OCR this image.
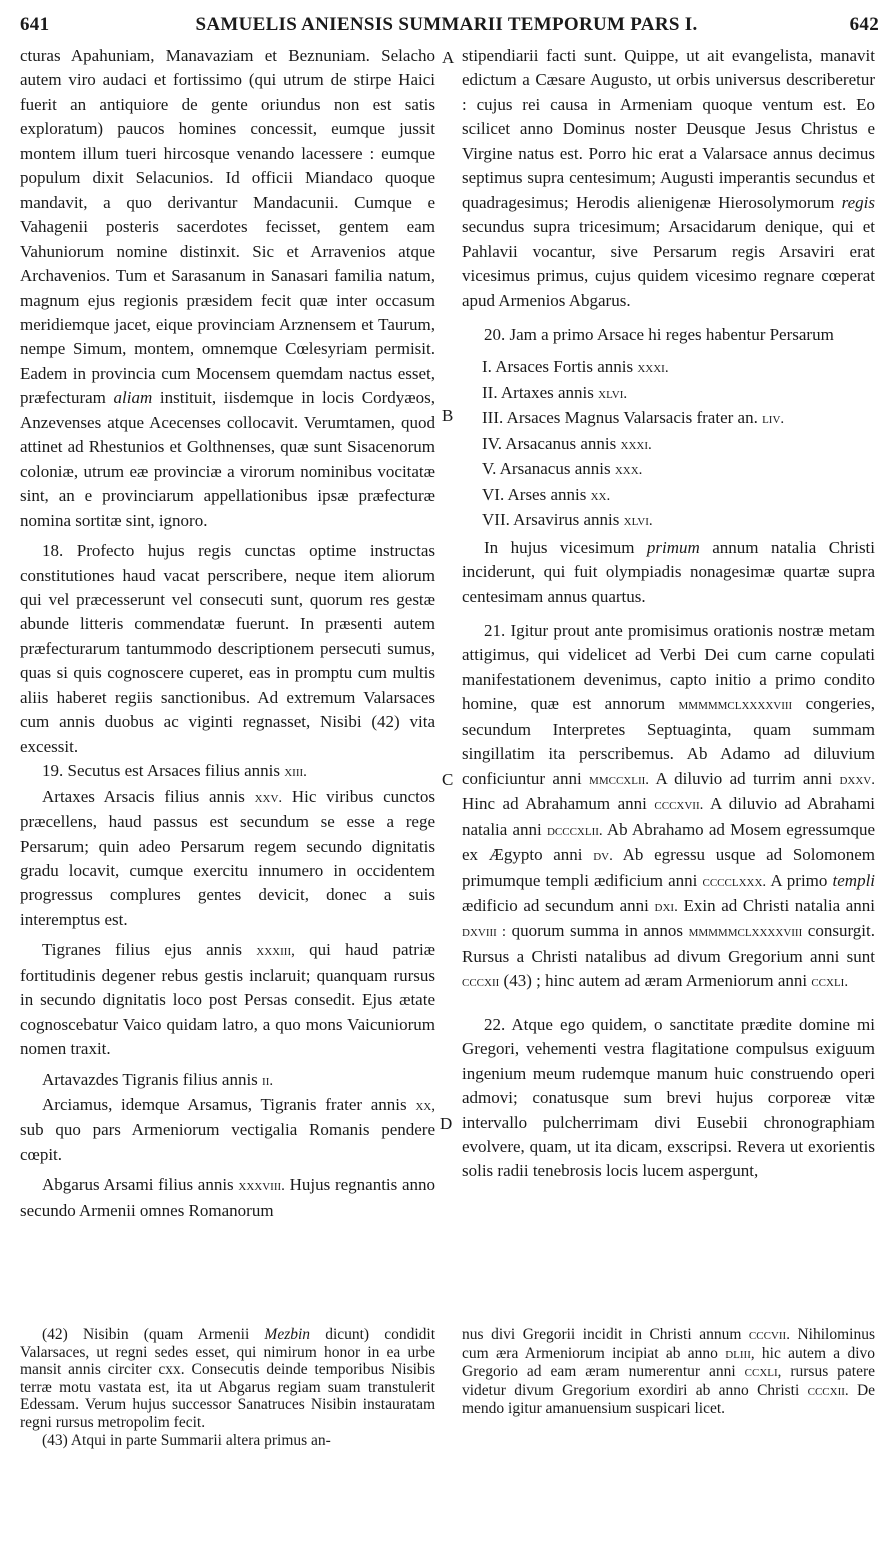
641	SAMUELIS ANIENSIS SUMMARII TEMPORUM PARS I.	642
A
B
C
D

cturas Apahuniam, Manavaziam et Beznuniam. Selacho autem viro audaci et fortissimo (qui utrum de stirpe Haici fuerit an antiquiore de gente oriundus non est satis exploratum) paucos homines concessit, eumque jussit montem illum tueri hircosque venando lacessere : eumque populum dixit Selacunios. Id officii Miandaco quoque mandavit, a quo derivantur Mandacunii. Cumque e Vahagenii posteris sacerdotes fecisset, gentem eam Vahuniorum nomine distinxit. Sic et Arravenios atque Archavenios. Tum et Sarasanum in Sanasari familia natum, magnum ejus regionis præsidem fecit quæ inter occasum meridiemque jacet, eique provinciam Arznensem et Taurum, nempe Simum, montem, omnemque Cœlesyriam permisit. Eadem in provincia cum Mocensem quemdam nactus esset, præfecturam aliam instituit, iisdemque in locis Cordyæos, Anzevenses atque Acecenses collocavit. Verumtamen, quod attinet ad Rhestunios et Golthnenses, quæ sunt Sisacenorum coloniæ, utrum eæ provinciæ a virorum nominibus vocitatæ sint, an e provinciarum appellationibus ipsæ præfecturæ nomina sortitæ sint, ignoro.

18. Profecto hujus regis cunctas optime instructas constitutiones haud vacat perscribere, neque item aliorum qui vel præcesserunt vel consecuti sunt, quorum res gestæ abunde litteris commendatæ fuerunt. In præsenti autem præfecturarum tantummodo descriptionem persecuti sumus, quas si quis cognoscere cuperet, eas in promptu cum multis aliis haberet regiis sanctionibus. Ad extremum Valarsaces cum annis duobus ac viginti regnasset, Nisibi (42) vita excessit.

19. Secutus est Arsaces filius annis xiii.

Artaxes Arsacis filius annis xxv. Hic viribus cunctos præcellens, haud passus est secundum se esse a rege Persarum; quin adeo Persarum regem secundo dignitatis gradu locavit, cumque exercitu innumero in occidentem progressus complures gentes devicit, donec a suis interemptus est.

Tigranes filius ejus annis xxxiii, qui haud patriæ fortitudinis degener rebus gestis inclaruit; quanquam rursus in secundo dignitatis loco post Persas consedit. Ejus ætate cognoscebatur Vaico quidam latro, a quo mons Vaicuniorum nomen traxit.

Artavazdes Tigranis filius annis ii.

Arciamus, idemque Arsamus, Tigranis frater annis xx, sub quo pars Armeniorum vectigalia Romanis pendere cœpit.

Abgarus Arsami filius annis xxxviii. Hujus regnantis anno secundo Armenii omnes Romanorum

stipendiarii facti sunt. Quippe, ut ait evangelista, manavit edictum a Cæsare Augusto, ut orbis universus describeretur : cujus rei causa in Armeniam quoque ventum est. Eo scilicet anno Dominus noster Deusque Jesus Christus e Virgine natus est. Porro hic erat a Valarsace annus decimus septimus supra centesimum; Augusti imperantis secundus et quadragesimus; Herodis alienigenæ Hierosolymorum regis secundus supra tricesimum; Arsacidarum denique, qui et Pahlavii vocantur, sive Persarum regis Arsaviri erat vicesimus primus, cujus quidem vicesimo regnare cœperat apud Armenios Abgarus.

20. Jam a primo Arsace hi reges habentur Persarum

I. Arsaces Fortis annis xxxi.
II. Artaxes annis xlvi.
III. Arsaces Magnus Valarsacis frater an. liv.
IV. Arsacanus annis xxxi.
V. Arsanacus annis xxx.
VI. Arses annis xx.
VII. Arsavirus annis xlvi.

In hujus vicesimum primum annum natalia Christi inciderunt, qui fuit olympiadis nonagesimæ quartæ supra centesimam annus quartus.

21. Igitur prout ante promisimus orationis nostræ metam attigimus, qui videlicet ad Verbi Dei cum carne copulati manifestationem devenimus, capto initio a primo condito homine, quæ est annorum mmmmmclxxxxviii congeries, secundum Interpretes Septuaginta, quam summam singillatim ita perscribemus. Ab Adamo ad diluvium conficiuntur anni mmccxlii. A diluvio ad turrim anni dxxv. Hinc ad Abrahamum anni cccxvii. A diluvio ad Abrahami natalia anni dcccxlii. Ab Abrahamo ad Mosem egressumque ex Ægypto anni dv. Ab egressu usque ad Solomonem primumque templi ædificium anni cccclxxx. A primo templi ædificio ad secundum anni dxi. Exin ad Christi natalia anni dxviii : quorum summa in annos mmmmmclxxxxviii consurgit. Rursus a Christi natalibus ad divum Gregorium anni sunt cccxii (43) ; hinc autem ad æram Armeniorum anni ccxli.

22. Atque ego quidem, o sanctitate prædite domine mi Gregori, vehementi vestra flagitatione compulsus exiguum ingenium meum rudemque manum huic construendo operi admovi; conatusque sum brevi hujus corporeæ vitæ intervallo pulcherrimam divi Eusebii chronographiam evolvere, quam, ut ita dicam, exscripsi. Revera ut exorientis solis radii tenebrosis locis lucem aspergunt,

(42) Nisibin (quam Armenii Mezbin dicunt) condidit Valarsaces, ut regni sedes esset, qui nimirum honor in ea urbe mansit annis circiter cxx. Consecutis deinde temporibus Nisibis terræ motu vastata est, ita ut Abgarus regiam suam transtulerit Edessam. Verum hujus successor Sanatruces Nisibin instauratam regni rursus metropolim fecit.

(43) Atqui in parte Summarii altera primus an-

nus divi Gregorii incidit in Christi annum cccvii. Nihilominus cum æra Armeniorum incipiat ab anno dliii, hic autem a divo Gregorio ad eam æram numerentur anni ccxli, rursus patere videtur divum Gregorium exordiri ab anno Christi cccxii. De mendo igitur amanuensium suspicari licet.
